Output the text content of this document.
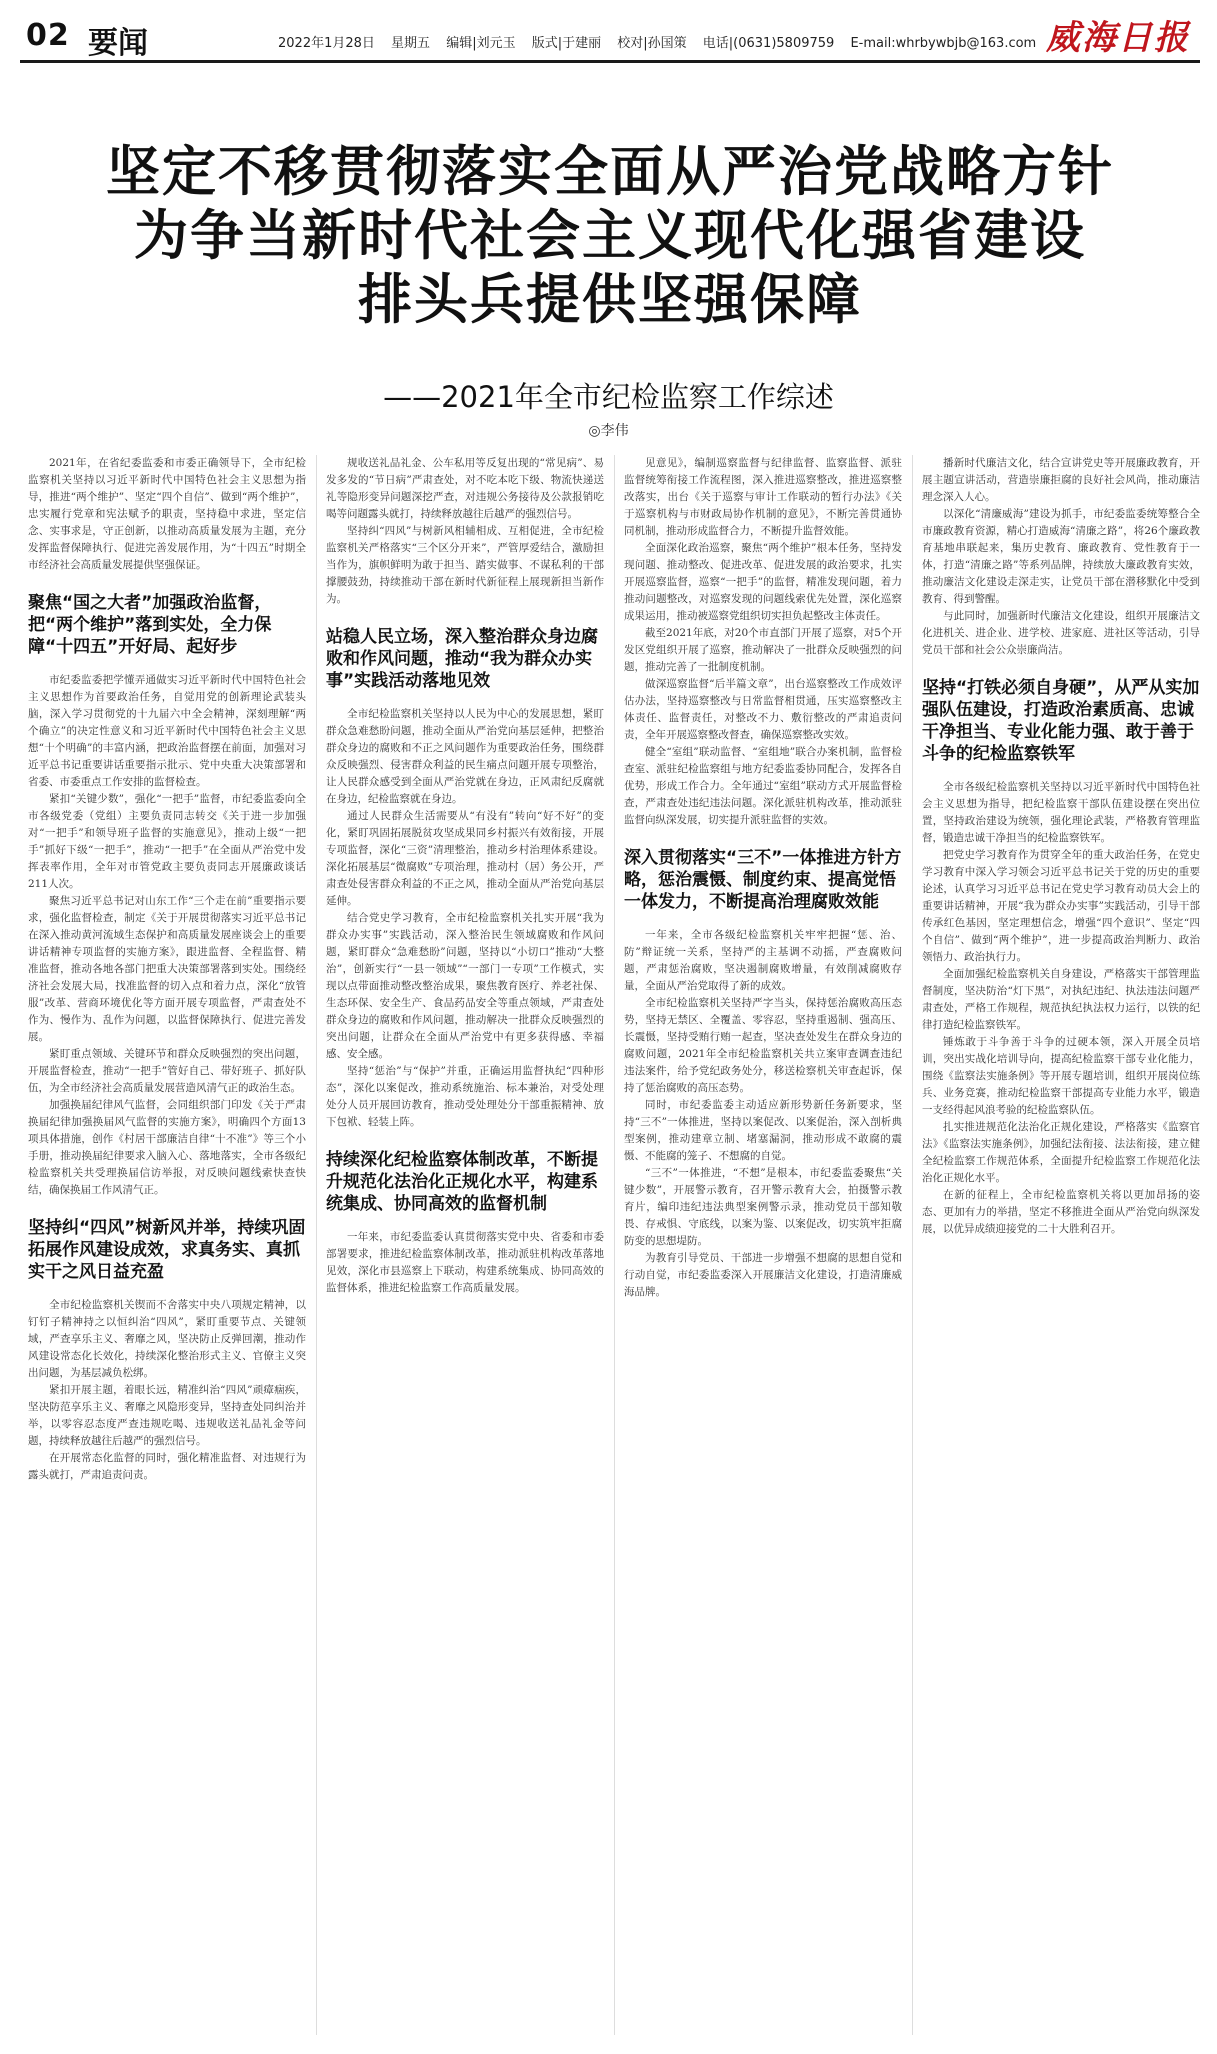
02 要闻	2022年1月28日 星期五 编辑|刘元玉 版式|于建丽 校对|孙国策 电话|(0631)5809759 E-mail:whrbywbjb@163.com 威海日报
坚定不移贯彻落实全面从严治党战略方针
为争当新时代社会主义现代化强省建设
排头兵提供坚强保障
——2021年全市纪检监察工作综述
◎李伟

2021年，在省纪委监委和市委正确领导下，全市纪检监察机关坚持以习近平新时代中国特色社会主义思想为指导，推进“两个维护”、坚定“四个自信”、做到“两个维护”，忠实履行党章和宪法赋予的职责，坚持稳中求进，坚定信念、实事求是，守正创新，以推动高质量发展为主题，充分发挥监督保障执行、促进完善发展作用，为“十四五”时期全市经济社会高质量发展提供坚强保证。

聚焦“国之大者”加强政治监督，把“两个维护”落到实处，全力保障“十四五”开好局、起好步

市纪委监委把学懂弄通做实习近平新时代中国特色社会主义思想作为首要政治任务，自觉用党的创新理论武装头脑，深入学习贯彻党的十九届六中全会精神，深刻理解“两个确立”的决定性意义和习近平新时代中国特色社会主义思想“十个明确”的丰富内涵，把政治监督摆在前面，加强对习近平总书记重要讲话重要指示批示、党中央重大决策部署和省委、市委重点工作安排的监督检查。

紧扣“关键少数”，强化“一把手”监督，市纪委监委向全市各级党委（党组）主要负责同志转交《关于进一步加强对“一把手”和领导班子监督的实施意见》，推动上级“一把手”抓好下级“一把手”，推动“一把手”在全面从严治党中发挥表率作用，全年对市管党政主要负责同志开展廉政谈话211人次。

聚焦习近平总书记对山东工作“三个走在前”重要指示要求，强化监督检查，制定《关于开展贯彻落实习近平总书记在深入推动黄河流域生态保护和高质量发展座谈会上的重要讲话精神专项监督的实施方案》，跟进监督、全程监督、精准监督，推动各地各部门把重大决策部署落到实处。围绕经济社会发展大局，找准监督的切入点和着力点，深化“放管服”改革、营商环境优化等方面开展专项监督，严肃查处不作为、慢作为、乱作为问题，以监督保障执行、促进完善发展。

紧盯重点领域、关键环节和群众反映强烈的突出问题，开展监督检查，推动“一把手”管好自己、带好班子、抓好队伍，为全市经济社会高质量发展营造风清气正的政治生态。

加强换届纪律风气监督，会同组织部门印发《关于严肃换届纪律加强换届风气监督的实施方案》，明确四个方面13项具体措施，创作《村居干部廉洁自律“十不准”》等三个小手册，推动换届纪律要求入脑入心、落地落实，全市各级纪检监察机关共受理换届信访举报，对反映问题线索快查快结，确保换届工作风清气正。

坚持纠“四风”树新风并举，持续巩固拓展作风建设成效，求真务实、真抓实干之风日益充盈

全市纪检监察机关锲而不舍落实中央八项规定精神，以钉钉子精神持之以恒纠治“四风”，紧盯重要节点、关键领域，严查享乐主义、奢靡之风，坚决防止反弹回潮，推动作风建设常态化长效化，持续深化整治形式主义、官僚主义突出问题，为基层减负松绑。

紧扣开展主题，着眼长远，精准纠治“四风”顽瘴痼疾，坚决防范享乐主义、奢靡之风隐形变异，坚持查处同纠治并举，以零容忍态度严查违规吃喝、违规收送礼品礼金等问题，持续释放越往后越严的强烈信号。

在开展常态化监督的同时，强化精准监督、对违规行为露头就打，严肃追责问责。

规收送礼品礼金、公车私用等反复出现的“常见病”、易发多发的“节日病”严肃查处，对不吃本吃下级、物流快递送礼等隐形变异问题深挖严查，对违规公务接待及公款报销吃喝等问题露头就打，持续释放越往后越严的强烈信号。

坚持纠“四风”与树新风相辅相成、互相促进，全市纪检监察机关严格落实“三个区分开来”，严管厚爱结合，激励担当作为，旗帜鲜明为敢于担当、踏实做事、不谋私利的干部撑腰鼓劲，持续推动干部在新时代新征程上展现新担当新作为。

站稳人民立场，深入整治群众身边腐败和作风问题，推动“我为群众办实事”实践活动落地见效

全市纪检监察机关坚持以人民为中心的发展思想，紧盯群众急难愁盼问题，推动全面从严治党向基层延伸，把整治群众身边的腐败和不正之风问题作为重要政治任务，围绕群众反映强烈、侵害群众利益的民生痛点问题开展专项整治，让人民群众感受到全面从严治党就在身边，正风肃纪反腐就在身边，纪检监察就在身边。

通过人民群众生活需要从“有没有”转向“好不好”的变化，紧盯巩固拓展脱贫攻坚成果同乡村振兴有效衔接，开展专项监督，深化“三资”清理整治，推动乡村治理体系建设。深化拓展基层“微腐败”专项治理，推动村（居）务公开，严肃查处侵害群众利益的不正之风，推动全面从严治党向基层延伸。

结合党史学习教育，全市纪检监察机关扎实开展“我为群众办实事”实践活动，深入整治民生领域腐败和作风问题，紧盯群众“急难愁盼”问题，坚持以“小切口”推动“大整治”，创新实行“一县一领域”“一部门一专项”工作模式，实现以点带面推动整改整治成果，聚焦教育医疗、养老社保、生态环保、安全生产、食品药品安全等重点领域，严肃查处群众身边的腐败和作风问题，推动解决一批群众反映强烈的突出问题，让群众在全面从严治党中有更多获得感、幸福感、安全感。

坚持“惩治”与“保护”并重，正确运用监督执纪“四种形态”，深化以案促改，推动系统施治、标本兼治，对受处理处分人员开展回访教育，推动受处理处分干部重振精神、放下包袱、轻装上阵。

持续深化纪检监察体制改革，不断提升规范化法治化正规化水平，构建系统集成、协同高效的监督机制

一年来，市纪委监委认真贯彻落实党中央、省委和市委部署要求，推进纪检监察体制改革，推动派驻机构改革落地见效，深化市县巡察上下联动，构建系统集成、协同高效的监督体系，推进纪检监察工作高质量发展。

见意见》，编制巡察监督与纪律监督、监察监督、派驻监督统筹衔接工作流程图，深入推进巡察整改，推进巡察整改落实，出台《关于巡察与审计工作联动的暂行办法》《关于巡察机构与市财政局协作机制的意见》，不断完善贯通协同机制，推动形成监督合力，不断提升监督效能。

全面深化政治巡察，聚焦“两个维护”根本任务，坚持发现问题、推动整改、促进改革、促进发展的政治要求，扎实开展巡察监督，巡察“一把手”的监督，精准发现问题，着力推动问题整改，对巡察发现的问题线索优先处置，深化巡察成果运用，推动被巡察党组织切实担负起整改主体责任。

截至2021年底，对20个市直部门开展了巡察，对5个开发区党组织开展了巡察，推动解决了一批群众反映强烈的问题，推动完善了一批制度机制。

做深巡察监督“后半篇文章”，出台巡察整改工作成效评估办法，坚持巡察整改与日常监督相贯通，压实巡察整改主体责任、监督责任，对整改不力、敷衍整改的严肃追责问责，全年开展巡察整改督查，确保巡察整改实效。

健全“室组”联动监督、“室组地”联合办案机制，监督检查室、派驻纪检监察组与地方纪委监委协同配合，发挥各自优势，形成工作合力。全年通过“室组”联动方式开展监督检查，严肃查处违纪违法问题。深化派驻机构改革，推动派驻监督向纵深发展，切实提升派驻监督的实效。

深入贯彻落实“三不”一体推进方针方略，惩治震慑、制度约束、提高觉悟一体发力，不断提高治理腐败效能

一年来，全市各级纪检监察机关牢牢把握“惩、治、防”辩证统一关系，坚持严的主基调不动摇，严查腐败问题，严肃惩治腐败，坚决遏制腐败增量，有效削减腐败存量，全面从严治党取得了新的成效。

全市纪检监察机关坚持严字当头，保持惩治腐败高压态势，坚持无禁区、全覆盖、零容忍，坚持重遏制、强高压、长震慑，坚持受贿行贿一起查，坚决查处发生在群众身边的腐败问题，2021年全市纪检监察机关共立案审查调查违纪违法案件，给予党纪政务处分，移送检察机关审查起诉，保持了惩治腐败的高压态势。

同时，市纪委监委主动适应新形势新任务新要求，坚持“三不”一体推进，坚持以案促改、以案促治，深入剖析典型案例，推动建章立制、堵塞漏洞，推动形成不敢腐的震慑、不能腐的笼子、不想腐的自觉。

“三不”一体推进，“不想”是根本，市纪委监委聚焦“关键少数”，开展警示教育，召开警示教育大会，拍摄警示教育片，编印违纪违法典型案例警示录，推动党员干部知敬畏、存戒惧、守底线，以案为鉴、以案促改，切实筑牢拒腐防变的思想堤防。

为教育引导党员、干部进一步增强不想腐的思想自觉和行动自觉，市纪委监委深入开展廉洁文化建设，打造清廉威海品牌。

播新时代廉洁文化，结合宣讲党史等开展廉政教育，开展主题宣讲活动，营造崇廉拒腐的良好社会风尚，推动廉洁理念深入人心。

以深化“清廉威海”建设为抓手，市纪委监委统筹整合全市廉政教育资源，精心打造威海“清廉之路”，将26个廉政教育基地串联起来，集历史教育、廉政教育、党性教育于一体，打造“清廉之路”等系列品牌，持续放大廉政教育实效，推动廉洁文化建设走深走实，让党员干部在潜移默化中受到教育、得到警醒。

与此同时，加强新时代廉洁文化建设，组织开展廉洁文化进机关、进企业、进学校、进家庭、进社区等活动，引导党员干部和社会公众崇廉尚洁。

坚持“打铁必须自身硬”，从严从实加强队伍建设，打造政治素质高、忠诚干净担当、专业化能力强、敢于善于斗争的纪检监察铁军

全市各级纪检监察机关坚持以习近平新时代中国特色社会主义思想为指导，把纪检监察干部队伍建设摆在突出位置，坚持政治建设为统领，强化理论武装，严格教育管理监督，锻造忠诚干净担当的纪检监察铁军。

把党史学习教育作为贯穿全年的重大政治任务，在党史学习教育中深入学习领会习近平总书记关于党的历史的重要论述，认真学习习近平总书记在党史学习教育动员大会上的重要讲话精神，开展“我为群众办实事”实践活动，引导干部传承红色基因，坚定理想信念，增强“四个意识”、坚定“四个自信”、做到“两个维护”，进一步提高政治判断力、政治领悟力、政治执行力。

全面加强纪检监察机关自身建设，严格落实干部管理监督制度，坚决防治“灯下黑”，对执纪违纪、执法违法问题严肃查处，严格工作规程，规范执纪执法权力运行，以铁的纪律打造纪检监察铁军。

锤炼敢于斗争善于斗争的过硬本领，深入开展全员培训，突出实战化培训导向，提高纪检监察干部专业化能力，围绕《监察法实施条例》等开展专题培训，组织开展岗位练兵、业务竞赛，推动纪检监察干部提高专业能力水平，锻造一支经得起风浪考验的纪检监察队伍。

扎实推进规范化法治化正规化建设，严格落实《监察官法》《监察法实施条例》，加强纪法衔接、法法衔接，建立健全纪检监察工作规范体系，全面提升纪检监察工作规范化法治化正规化水平。

在新的征程上，全市纪检监察机关将以更加昂扬的姿态、更加有力的举措，坚定不移推进全面从严治党向纵深发展，以优异成绩迎接党的二十大胜利召开。
